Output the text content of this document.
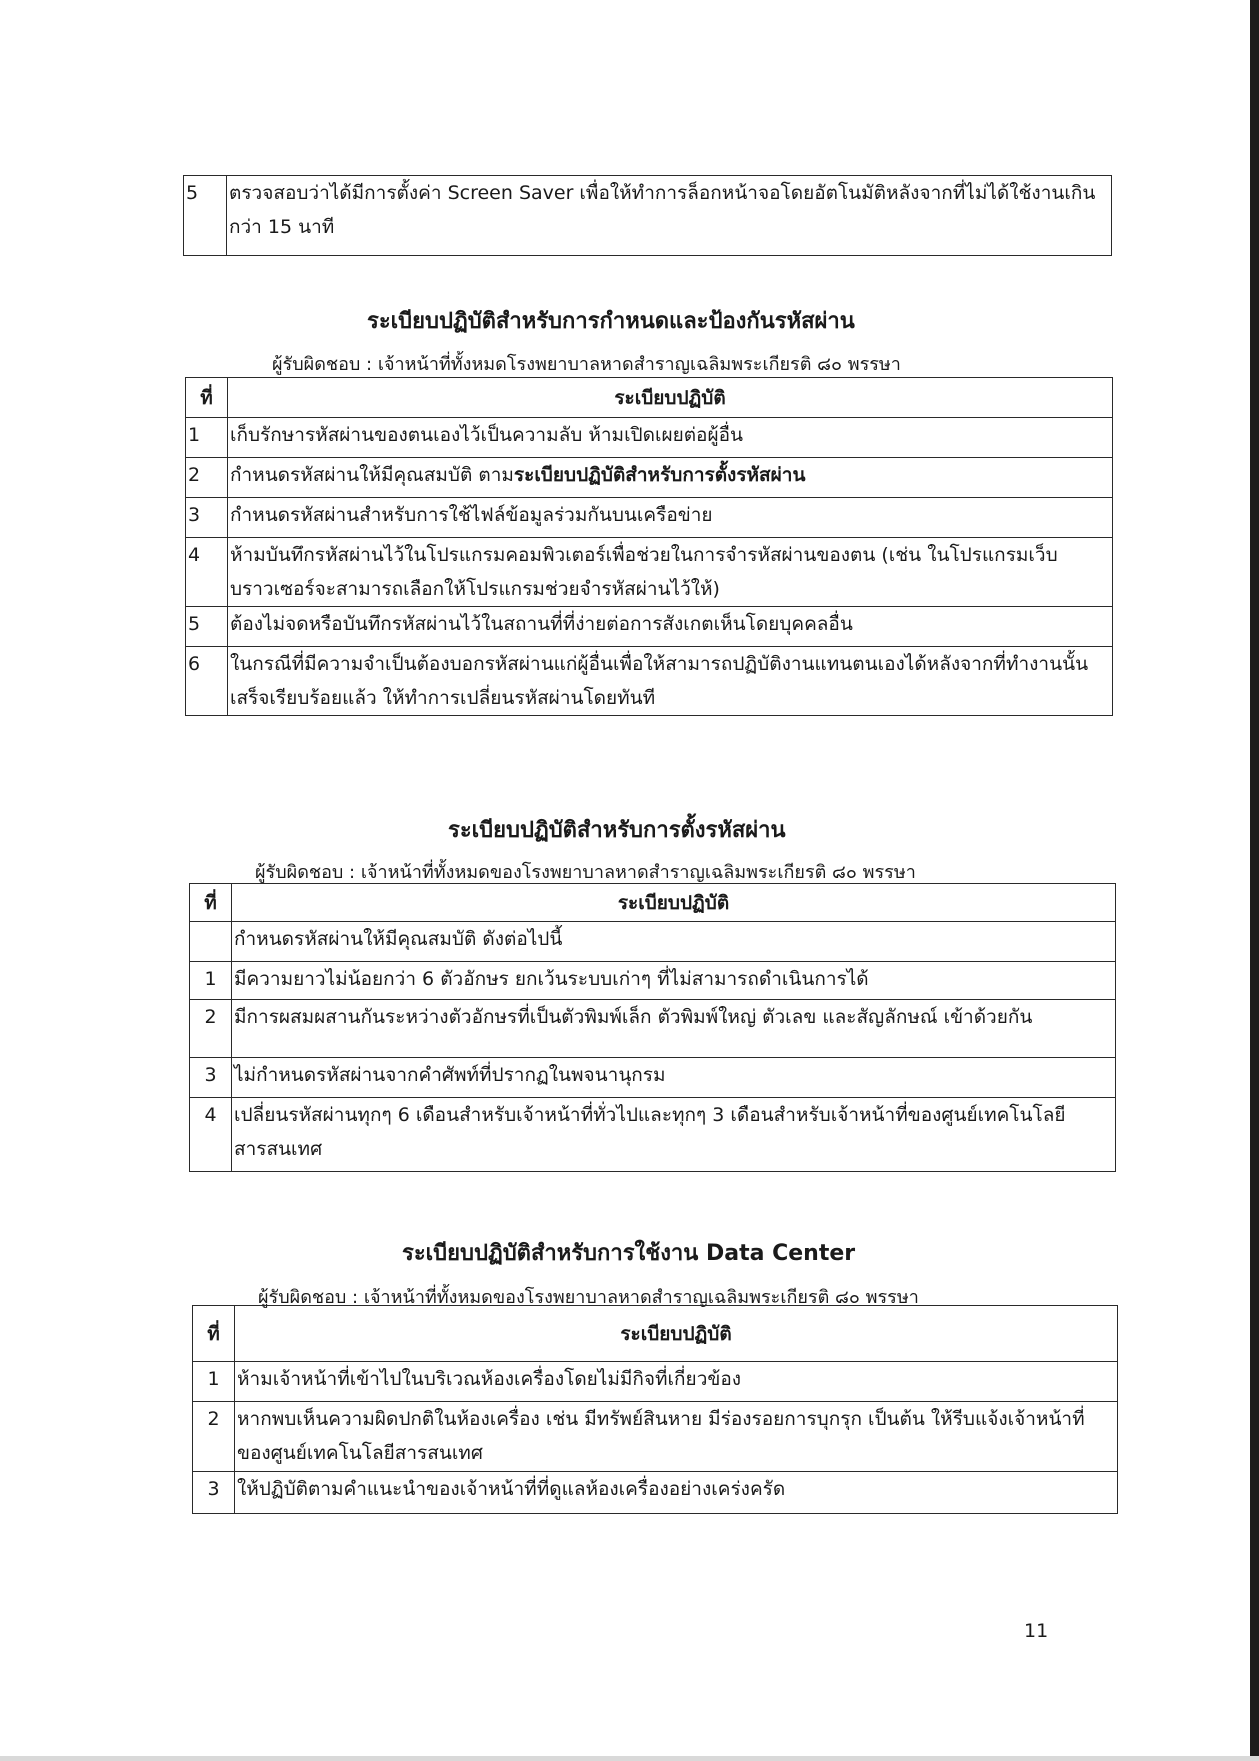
5	ตรวจสอบว่าได้มีการตั้งค่า Screen Saver เพื่อให้ทำการล็อกหน้าจอโดยอัตโนมัติหลังจากที่ไม่ได้ใช้งานเกินกว่า 15 นาที
ระเบียบปฏิบัติสำหรับการกำหนดและป้องกันรหัสผ่าน
ผู้รับผิดชอบ : เจ้าหน้าที่ทั้งหมดโรงพยาบาลหาดสำราญเฉลิมพระเกียรติ ๘๐ พรรษา
ที่	ระเบียบปฏิบัติ
1	เก็บรักษารหัสผ่านของตนเองไว้เป็นความลับ ห้ามเปิดเผยต่อผู้อื่น
2	กำหนดรหัสผ่านให้มีคุณสมบัติ ตามระเบียบปฏิบัติสำหรับการตั้งรหัสผ่าน
3	กำหนดรหัสผ่านสำหรับการใช้ไฟล์ข้อมูลร่วมกันบนเครือข่าย
4	ห้ามบันทึกรหัสผ่านไว้ในโปรแกรมคอมพิวเตอร์เพื่อช่วยในการจำรหัสผ่านของตน (เช่น ในโปรแกรมเว็บบราวเซอร์จะสามารถเลือกให้โปรแกรมช่วยจำรหัสผ่านไว้ให้)
5	ต้องไม่จดหรือบันทึกรหัสผ่านไว้ในสถานที่ที่ง่ายต่อการสังเกตเห็นโดยบุคคลอื่น
6	ในกรณีที่มีความจำเป็นต้องบอกรหัสผ่านแก่ผู้อื่นเพื่อให้สามารถปฏิบัติงานแทนตนเองได้หลังจากที่ทำงานนั้นเสร็จเรียบร้อยแล้ว ให้ทำการเปลี่ยนรหัสผ่านโดยทันที
ระเบียบปฏิบัติสำหรับการตั้งรหัสผ่าน
ผู้รับผิดชอบ : เจ้าหน้าที่ทั้งหมดของโรงพยาบาลหาดสำราญเฉลิมพระเกียรติ ๘๐ พรรษา
ที่	ระเบียบปฏิบัติ
	กำหนดรหัสผ่านให้มีคุณสมบัติ ดังต่อไปนี้
1	มีความยาวไม่น้อยกว่า 6 ตัวอักษร ยกเว้นระบบเก่าๆ ที่ไม่สามารถดำเนินการได้
2	มีการผสมผสานกันระหว่างตัวอักษรที่เป็นตัวพิมพ์เล็ก ตัวพิมพ์ใหญ่ ตัวเลข และสัญลักษณ์ เข้าด้วยกัน
3	ไม่กำหนดรหัสผ่านจากคำศัพท์ที่ปรากฏในพจนานุกรม
4	เปลี่ยนรหัสผ่านทุกๆ 6 เดือนสำหรับเจ้าหน้าที่ทั่วไปและทุกๆ 3 เดือนสำหรับเจ้าหน้าที่ของศูนย์เทคโนโลยีสารสนเทศ
ระเบียบปฏิบัติสำหรับการใช้งาน Data Center
ผู้รับผิดชอบ : เจ้าหน้าที่ทั้งหมดของโรงพยาบาลหาดสำราญเฉลิมพระเกียรติ ๘๐ พรรษา
ที่	ระเบียบปฏิบัติ
1	ห้ามเจ้าหน้าที่เข้าไปในบริเวณห้องเครื่องโดยไม่มีกิจที่เกี่ยวข้อง
2	หากพบเห็นความผิดปกติในห้องเครื่อง เช่น มีทรัพย์สินหาย มีร่องรอยการบุกรุก เป็นต้น ให้รีบแจ้งเจ้าหน้าที่ของศูนย์เทคโนโลยีสารสนเทศ
3	ให้ปฏิบัติตามคำแนะนำของเจ้าหน้าที่ที่ดูแลห้องเครื่องอย่างเคร่งครัด
11
